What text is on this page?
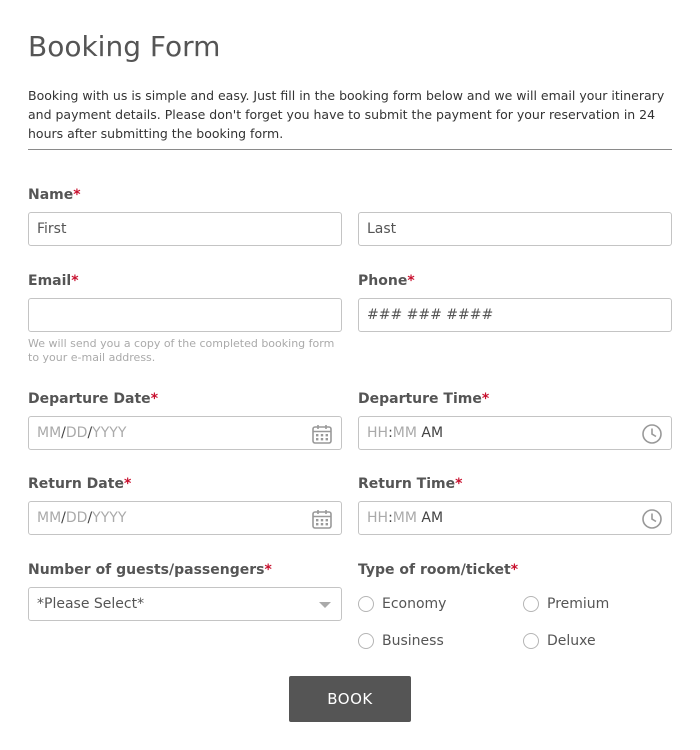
Booking Form

Booking with us is simple and easy. Just fill in the booking form below and we will email your itinerary and payment details. Please don't forget you have to submit the payment for your reservation in 24 hours after submitting the booking form.

Name*
First	Last
Email*
We will send you a copy of the completed booking form to your e-mail address.
Phone*
### ### ####
Departure Date*
MM/DD/YYYY
Departure Time*
HH:MM AM
Return Date*
MM/DD/YYYY
Return Time*
HH:MM AM
Number of guests/passengers*
*Please Select*
Type of room/ticket*
Economy	Premium
Business	Deluxe
BOOK
